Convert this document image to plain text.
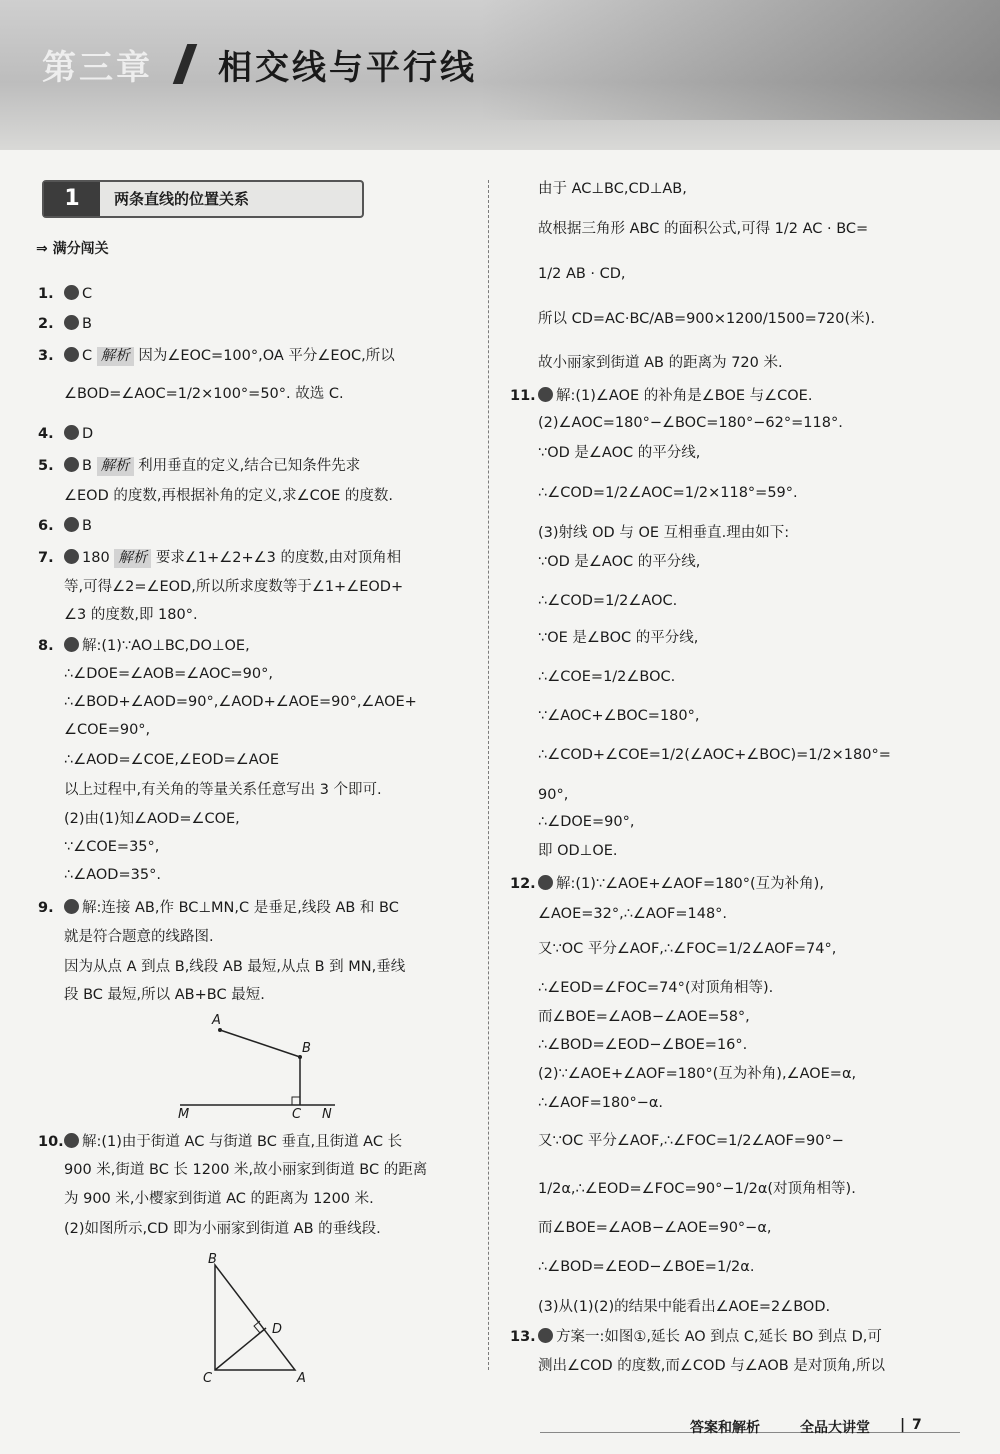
第三章 相交线与平行线
1	两条直线的位置关系
⇒ 满分闯关
1.	C
2.	B
3.	C 解析 因为∠EOC=100°,OA 平分∠EOC,所以
∠BOD=∠AOC=1/2×100°=50°. 故选 C.
4.	D
5.	B 解析 利用垂直的定义,结合已知条件先求
∠EOD 的度数,再根据补角的定义,求∠COE 的度数.
6.	B
7.	180 解析 要求∠1+∠2+∠3 的度数,由对顶角相
等,可得∠2=∠EOD,所以所求度数等于∠1+∠EOD+
∠3 的度数,即 180°.
8.	解:(1)∵AO⊥BC,DO⊥OE,
∴∠DOE=∠AOB=∠AOC=90°,
∴∠BOD+∠AOD=90°,∠AOD+∠AOE=90°,∠AOE+
∠COE=90°,
∴∠AOD=∠COE,∠EOD=∠AOE
以上过程中,有关角的等量关系任意写出 3 个即可.
(2)由(1)知∠AOD=∠COE,
∵∠COE=35°,
∴∠AOD=35°.
9.	解:连接 AB,作 BC⊥MN,C 是垂足,线段 AB 和 BC
就是符合题意的线路图.
因为从点 A 到点 B,线段 AB 最短,从点 B 到 MN,垂线
段 BC 最短,所以 AB+BC 最短.
10.	解:(1)由于街道 AC 与街道 BC 垂直,且街道 AC 长
900 米,街道 BC 长 1200 米,故小丽家到街道 BC 的距离
为 900 米,小樱家到街道 AC 的距离为 1200 米.
(2)如图所示,CD 即为小丽家到街道 AB 的垂线段.
由于 AC⊥BC,CD⊥AB,
故根据三角形 ABC 的面积公式,可得 1/2 AC · BC=
1/2 AB · CD,
所以 CD=AC·BC/AB=900×1200/1500=720(米).
故小丽家到街道 AB 的距离为 720 米.
11.	解:(1)∠AOE 的补角是∠BOE 与∠COE.
(2)∠AOC=180°−∠BOC=180°−62°=118°.
∵OD 是∠AOC 的平分线,
∴∠COD=1/2∠AOC=1/2×118°=59°.
(3)射线 OD 与 OE 互相垂直.理由如下:
∵OD 是∠AOC 的平分线,
∴∠COD=1/2∠AOC.
∵OE 是∠BOC 的平分线,
∴∠COE=1/2∠BOC.
∵∠AOC+∠BOC=180°,
∴∠COD+∠COE=1/2(∠AOC+∠BOC)=1/2×180°=
90°,
∴∠DOE=90°,
即 OD⊥OE.
12.	解:(1)∵∠AOE+∠AOF=180°(互为补角),
∠AOE=32°,∴∠AOF=148°.
又∵OC 平分∠AOF,∴∠FOC=1/2∠AOF=74°,
∴∠EOD=∠FOC=74°(对顶角相等).
而∠BOE=∠AOB−∠AOE=58°,
∴∠BOD=∠EOD−∠BOE=16°.
(2)∵∠AOE+∠AOF=180°(互为补角),∠AOE=α,
∴∠AOF=180°−α.
又∵OC 平分∠AOF,∴∠FOC=1/2∠AOF=90°−
1/2α,∴∠EOD=∠FOC=90°−1/2α(对顶角相等).
而∠BOE=∠AOB−∠AOE=90°−α,
∴∠BOD=∠EOD−∠BOE=1/2α.
(3)从(1)(2)的结果中能看出∠AOE=2∠BOD.
13.	方案一:如图①,延长 AO 到点 C,延长 BO 到点 D,可
测出∠COD 的度数,而∠COD 与∠AOB 是对顶角,所以
A
B
M	C N
B
D
C	A
答案和解析	全品大讲堂 | 7
